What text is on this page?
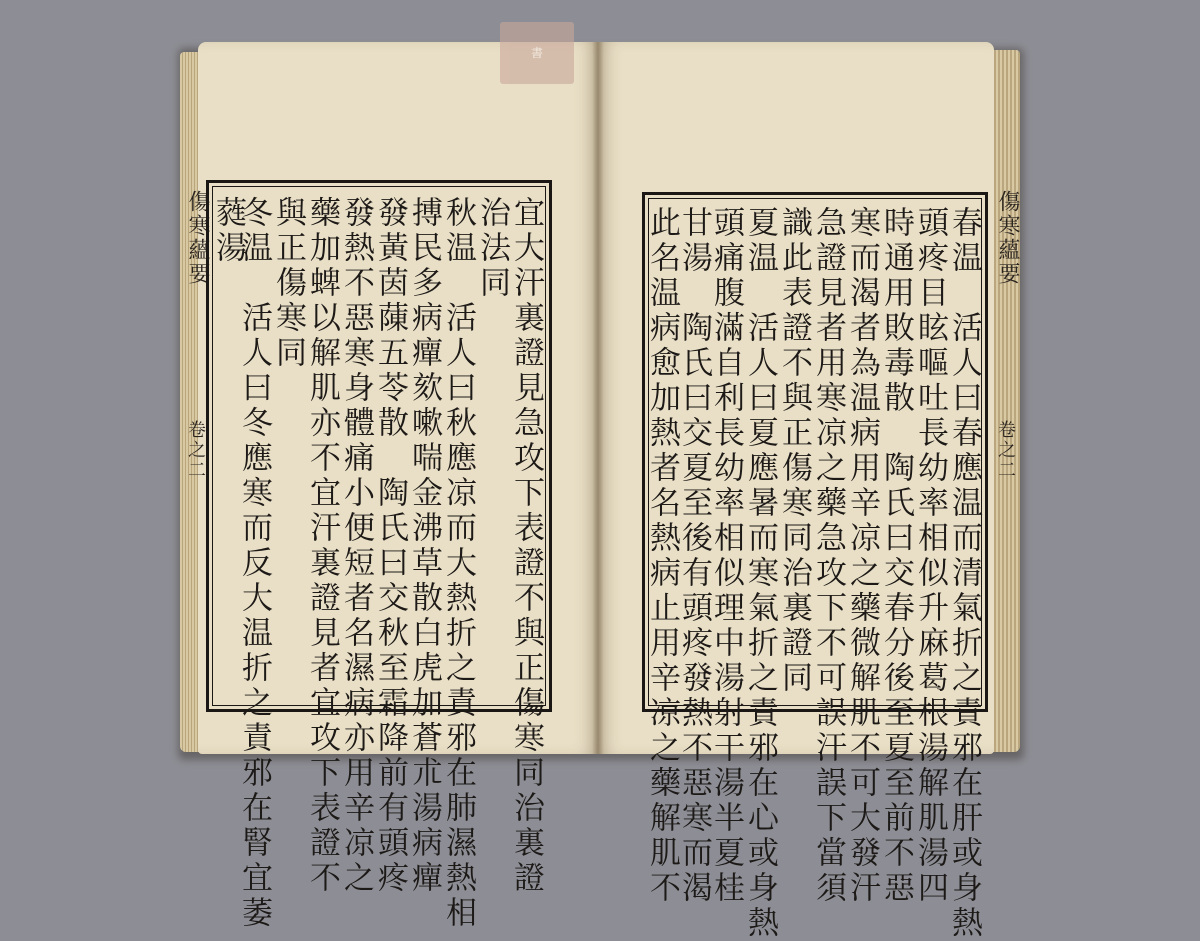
書
傷寒蘊要
卷之二
傷寒蘊要
卷之二
宜大汗裏證見急攻下表證不與正傷寒同治裏證
治法同
秋温　活人曰秋應凉而大熱折之責邪在肺濕熱相
搏民多病癉欬嗽喘金沸草散白虎加蒼朮湯病癉
發黃茵蔯五苓散　陶氏曰交秋至霜降前有頭疼
發熱不惡寒身體痛小便短者名濕病亦用辛凉之
藥加蜱以解肌亦不宜汗裏證見者宜攻下表證不
與正傷寒同
冬温　活人曰冬應寒而反大温折之責邪在腎宜萎
蕤湯	春温　活人曰春應温而清氣折之責邪在肝或身熱
頭疼目眩嘔吐長幼率相似升麻葛根湯解肌湯四
時通用敗毒散　陶氏曰交春分後至夏至前不惡
寒而渴者為温病用辛凉之藥微解肌不可大發汗
急證見者用寒凉之藥急攻下不可誤汗誤下當須
識此表證不與正傷寒同治裏證同
夏温　活人曰夏應暑而寒氣折之責邪在心或身熱
頭痛腹滿自利長幼率相似理中湯射干湯半夏桂
甘湯　陶氏曰交夏至後有頭疼發熱不惡寒而渴
此名温病愈加熱者名熱病止用辛凉之藥解肌不
